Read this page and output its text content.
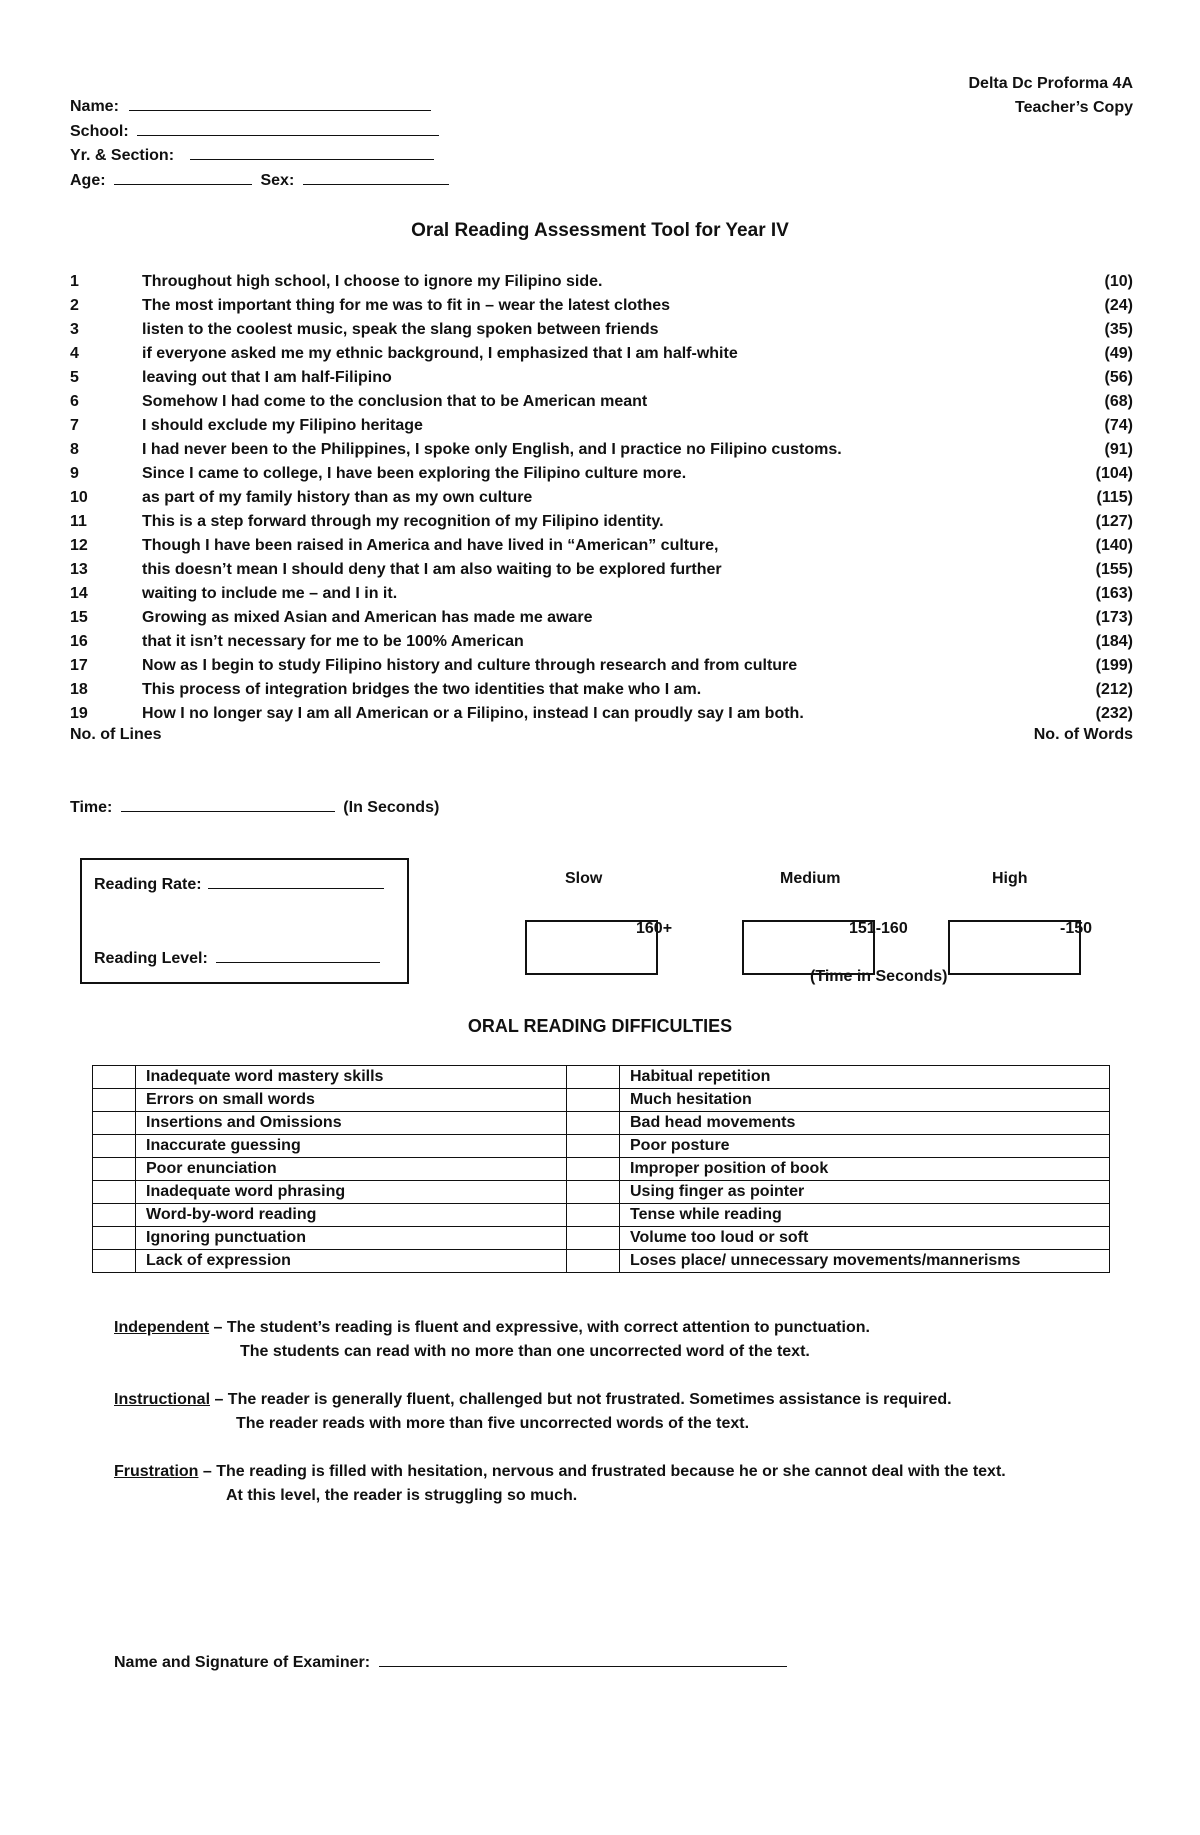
Delta Dc Proforma 4A
Teacher’s Copy
Name:
School:
Yr. & Section:
Age:	Sex:
Oral Reading Assessment Tool for Year IV
1	Throughout high school, I choose to ignore my Filipino side.	(10)
2	The most important thing for me was to fit in – wear the latest clothes	(24)
3	listen to the coolest music, speak the slang spoken between friends	(35)
4	if everyone asked me my ethnic background, I emphasized that I am half-white	(49)
5	leaving out that I am half-Filipino	(56)
6	Somehow I had come to the conclusion that to be American meant	(68)
7	I should exclude my Filipino heritage	(74)
8	I had never been to the Philippines, I spoke only English, and I practice no Filipino customs.	(91)
9	Since I came to college, I have been exploring the Filipino culture more.	(104)
10	as part of my family history than as my own culture	(115)
11	This is a step forward through my recognition of my Filipino identity.	(127)
12	Though I have been raised in America and have lived in “American” culture,	(140)
13	this doesn’t mean I should deny that I am also waiting to be explored further	(155)
14	waiting to include me – and I in it.	(163)
15	Growing as mixed Asian and American has made me aware	(173)
16	that it isn’t necessary for me to be 100% American	(184)
17	Now as I begin to study Filipino history and culture through research and from culture	(199)
18	This process of integration bridges the two identities that make who I am.	(212)
19	How I no longer say I am all American or a Filipino, instead I can proudly say I am both.	(232)
No. of Lines	No. of Words
Time:	(In Seconds)
Reading Rate:
Reading Level:
Slow	Medium	High
160+	151-160	-150
(Time in Seconds)
ORAL READING DIFFICULTIES
	Inadequate word mastery skills		Habitual repetition
	Errors on small words		Much hesitation
	Insertions and Omissions		Bad head movements
	Inaccurate guessing		Poor posture
	Poor enunciation		Improper position of book
	Inadequate word phrasing		Using finger as pointer
	Word-by-word reading		Tense while reading
	Ignoring punctuation		Volume too loud or soft
	Lack of expression		Loses place/ unnecessary movements/mannerisms
Independent – The student’s reading is fluent and expressive, with correct attention to punctuation.
The students can read with no more than one uncorrected word of the text.
Instructional – The reader is generally fluent, challenged but not frustrated. Sometimes assistance is required.
The reader reads with more than five uncorrected words of the text.
Frustration – The reading is filled with hesitation, nervous and frustrated because he or she cannot deal with the text.
At this level, the reader is struggling so much.
Name and Signature of Examiner:
